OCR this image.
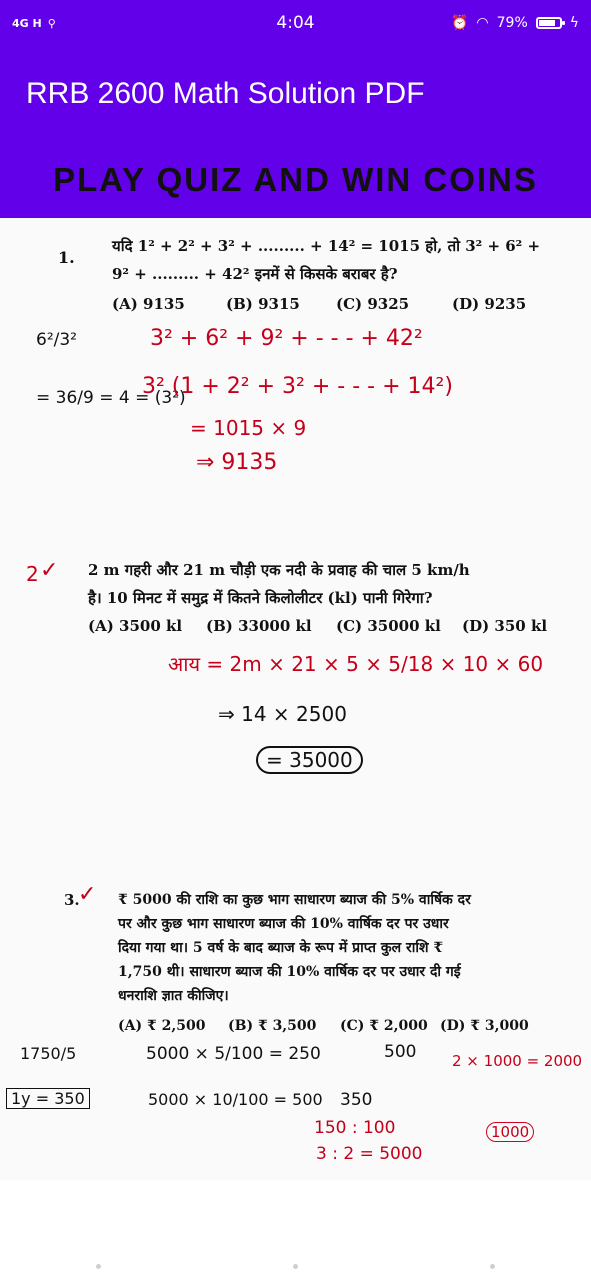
4G H ⚲	4:04	⏰ ◠ 79%	ϟ
RRB 2600 Math Solution PDF
PLAY QUIZ AND WIN COINS
1.
यदि 1² + 2² + 3² + ......... + 14² = 1015 हो, तो 3² + 6² +
9² + ......... + 42² इनमें से किसके बराबर है?
(A) 9135	(B) 9315 (C) 9325	(D) 9235
6²/3²
= 36/9 = 4 = (3²)
3² + 6² + 9² + - - - + 42²
3² (1 + 2² + 3² + - - - + 14²)
= 1015 × 9
⇒ 9135
2 ✓ 2 m गहरी और 21 m चौड़ी एक नदी के प्रवाह की चाल 5 km/h
है। 10 मिनट में समुद्र में कितने किलोलीटर (kl) पानी गिरेगा?
(A) 3500 kl (B) 33000 kl (C) 35000 kl (D) 350 kl
आय = 2m × 21 × 5 × 5/18 × 10 × 60
⇒ 14 × 2500
= 35000
3.
✓ ₹ 5000 की राशि का कुछ भाग साधारण ब्याज की 5% वार्षिक दर
पर और कुछ भाग साधारण ब्याज की 10% वार्षिक दर पर उधार
दिया गया था। 5 वर्ष के बाद ब्याज के रूप में प्राप्त कुल राशि ₹
1,750 थी। साधारण ब्याज की 10% वार्षिक दर पर उधार दी गई
धनराशि ज्ञात कीजिए।
(A) ₹ 2,500 (B) ₹ 3,500 (C) ₹ 2,000 (D) ₹ 3,000
1750/5
1y = 350
5000 × 5/100 = 250	500
5000 × 10/100 = 500 350
150 : 100
3 : 2 = 5000
2 × 1000 = 2000
1000
